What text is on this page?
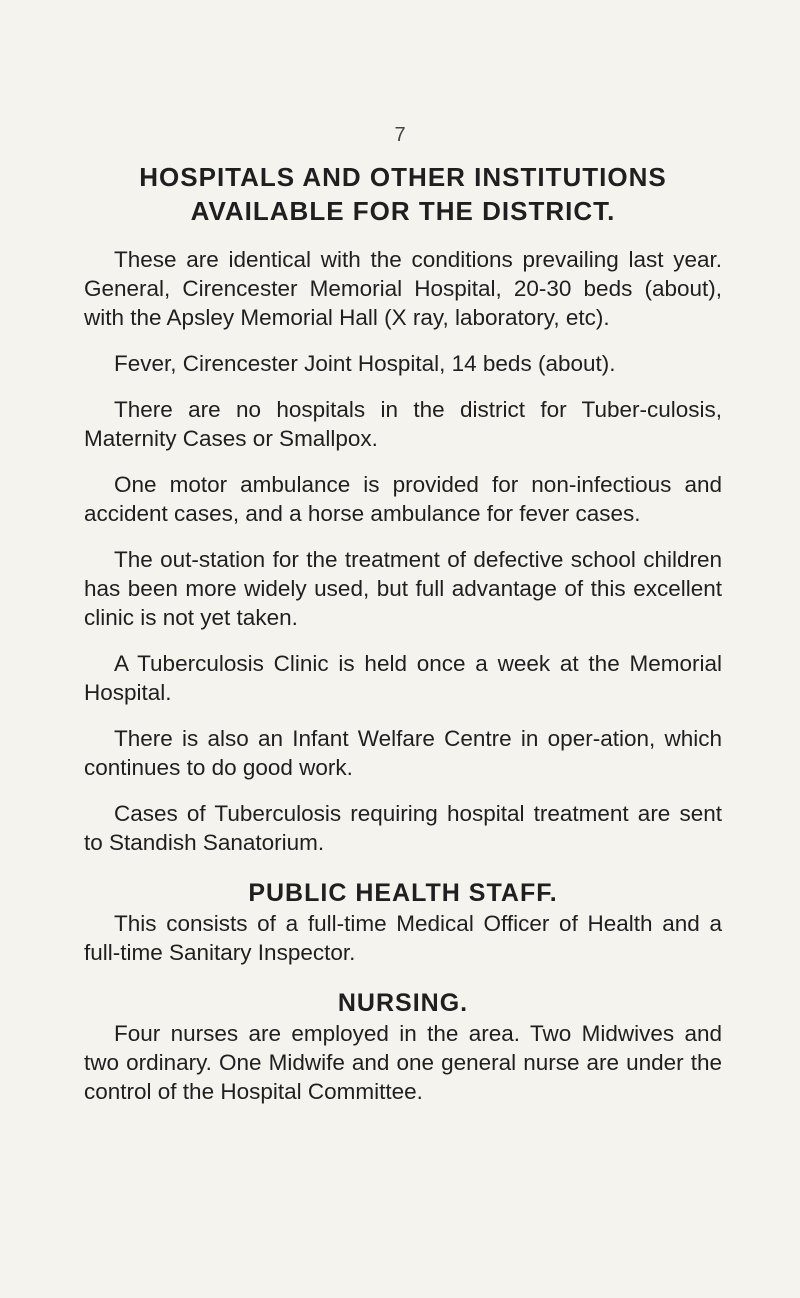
7
HOSPITALS AND OTHER INSTITUTIONS
AVAILABLE FOR THE DISTRICT.

These are identical with the conditions prevailing last year. General, Cirencester Memorial Hospital, 20-30 beds (about), with the Apsley Memorial Hall (X ray, laboratory, etc).

Fever, Cirencester Joint Hospital, 14 beds (about).

There are no hospitals in the district for Tuber-culosis, Maternity Cases or Smallpox.

One motor ambulance is provided for non-infectious and accident cases, and a horse ambulance for fever cases.

The out-station for the treatment of defective school children has been more widely used, but full advantage of this excellent clinic is not yet taken.

A Tuberculosis Clinic is held once a week at the Memorial Hospital.

There is also an Infant Welfare Centre in oper-ation, which continues to do good work.

Cases of Tuberculosis requiring hospital treatment are sent to Standish Sanatorium.

PUBLIC HEALTH STAFF.

This consists of a full-time Medical Officer of Health and a full-time Sanitary Inspector.

NURSING.

Four nurses are employed in the area. Two Midwives and two ordinary. One Midwife and one general nurse are under the control of the Hospital Committee.
